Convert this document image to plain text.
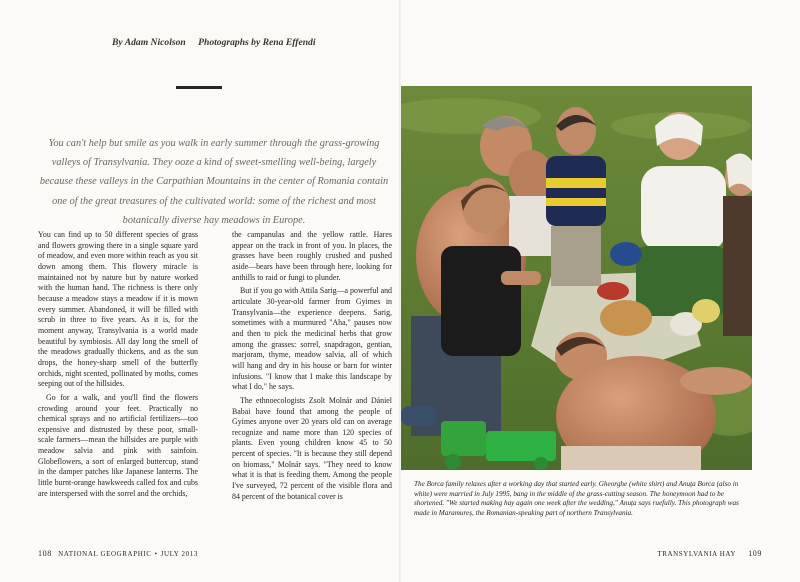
By Adam Nicolson Photographs by Rena Effendi
You can't help but smile as you walk in early summer through the grass-growing valleys of Transylvania. They ooze a kind of sweet-smelling well-being, largely because these valleys in the Carpathian Mountains in the center of Romania contain one of the great treasures of the cultivated world: some of the richest and most botanically diverse hay meadows in Europe.

You can find up to 50 different species of grass and flowers growing there in a single square yard of meadow, and even more within reach as you sit down among them. This flowery miracle is maintained not by nature but by nature worked with the human hand. The richness is there only because a meadow stays a meadow if it is mown every summer. Abandoned, it will be filled with scrub in three to five years. As it is, for the moment anyway, Transylvania is a world made beautiful by symbiosis. All day long the smell of the meadows gradually thickens, and as the sun drops, the honey-sharp smell of the butterfly orchids, night scented, pollinated by moths, comes seeping out of the hillsides.

Go for a walk, and you'll find the flowers crowding around your feet. Practically no chemical sprays and no artificial fertilizers—too expensive and distrusted by these poor, small-scale farmers—mean the hillsides are purple with meadow salvia and pink with sainfoin. Globeflowers, a sort of enlarged buttercup, stand in the damper patches like Japanese lanterns. The little burnt-orange hawkweeds called fox and cubs are interspersed with the sorrel and the orchids,

the campanulas and the yellow rattle. Hares appear on the track in front of you. In places, the grasses have been roughly crushed and pushed aside—bears have been through here, looking for anthills to raid or fungi to plunder.

But if you go with Attila Sarig—a powerful and articulate 30-year-old farmer from Gyimes in Transylvania—the experience deepens. Sarig, sometimes with a murmured "Aha," pauses now and then to pick the medicinal herbs that grow among the grasses: sorrel, snapdragon, gentian, marjoram, thyme, meadow salvia, all of which will hang and dry in his house or barn for winter infusions. "I know that I make this landscape by what I do," he says.

The ethnoecologists Zsolt Molnár and Dániel Babai have found that among the people of Gyimes anyone over 20 years old can on average recognize and name more than 120 species of plants. Even young children know 45 to 50 percent of species. "It is because they still depend on biomass," Molnár says. "They need to know what it is that is feeding them. Among the people I've surveyed, 72 percent of the visible flora and 84 percent of the botanical cover is

The Borca family relaxes after a working day that started early. Gheorghe (white shirt) and Anuța Borca (also in white) were married in July 1995, bang in the middle of the grass-cutting season. The honeymoon had to be shortened. "We started making hay again one week after the wedding," Anuța says ruefully. This photograph was made in Maramureș, the Romanian-speaking part of northern Transylvania.
108 NATIONAL GEOGRAPHIC • JULY 2013	TRANSYLVANIA HAY 109
